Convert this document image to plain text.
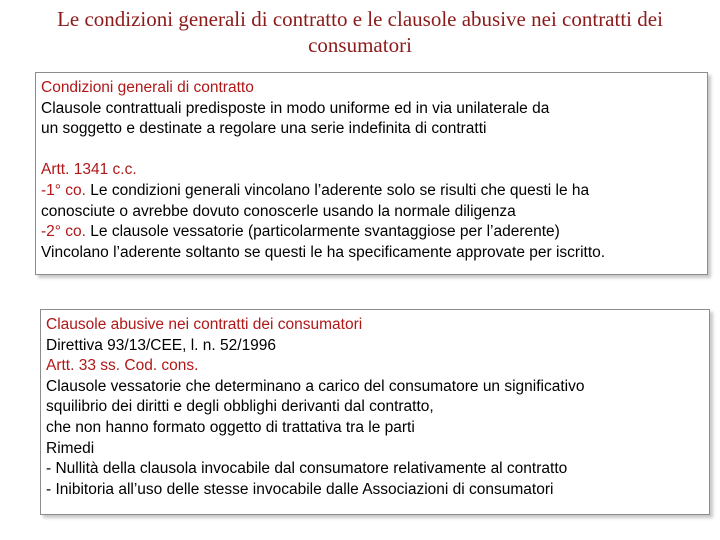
Le condizioni generali di contratto e le clausole abusive nei contratti dei
consumatori
Condizioni generali di contratto
Clausole contrattuali predisposte in modo uniforme ed in via unilaterale da
un soggetto e destinate a regolare una serie indefinita di contratti
Artt. 1341 c.c.
-1° co. Le condizioni generali vincolano l’aderente solo se risulti che questi le ha
conosciute o avrebbe dovuto conoscerle usando la normale diligenza
-2° co. Le clausole vessatorie (particolarmente svantaggiose per l’aderente)
Vincolano l’aderente soltanto se questi le ha specificamente approvate per iscritto.
Clausole abusive nei contratti dei consumatori
Direttiva 93/13/CEE, l. n. 52/1996
Artt. 33 ss. Cod. cons.
Clausole vessatorie che determinano a carico del consumatore un significativo
squilibrio dei diritti e degli obblighi derivanti dal contratto,
che non hanno formato oggetto di trattativa tra le parti
Rimedi
- Nullità della clausola invocabile dal consumatore relativamente al contratto
- Inibitoria all’uso delle stesse invocabile dalle Associazioni di consumatori
